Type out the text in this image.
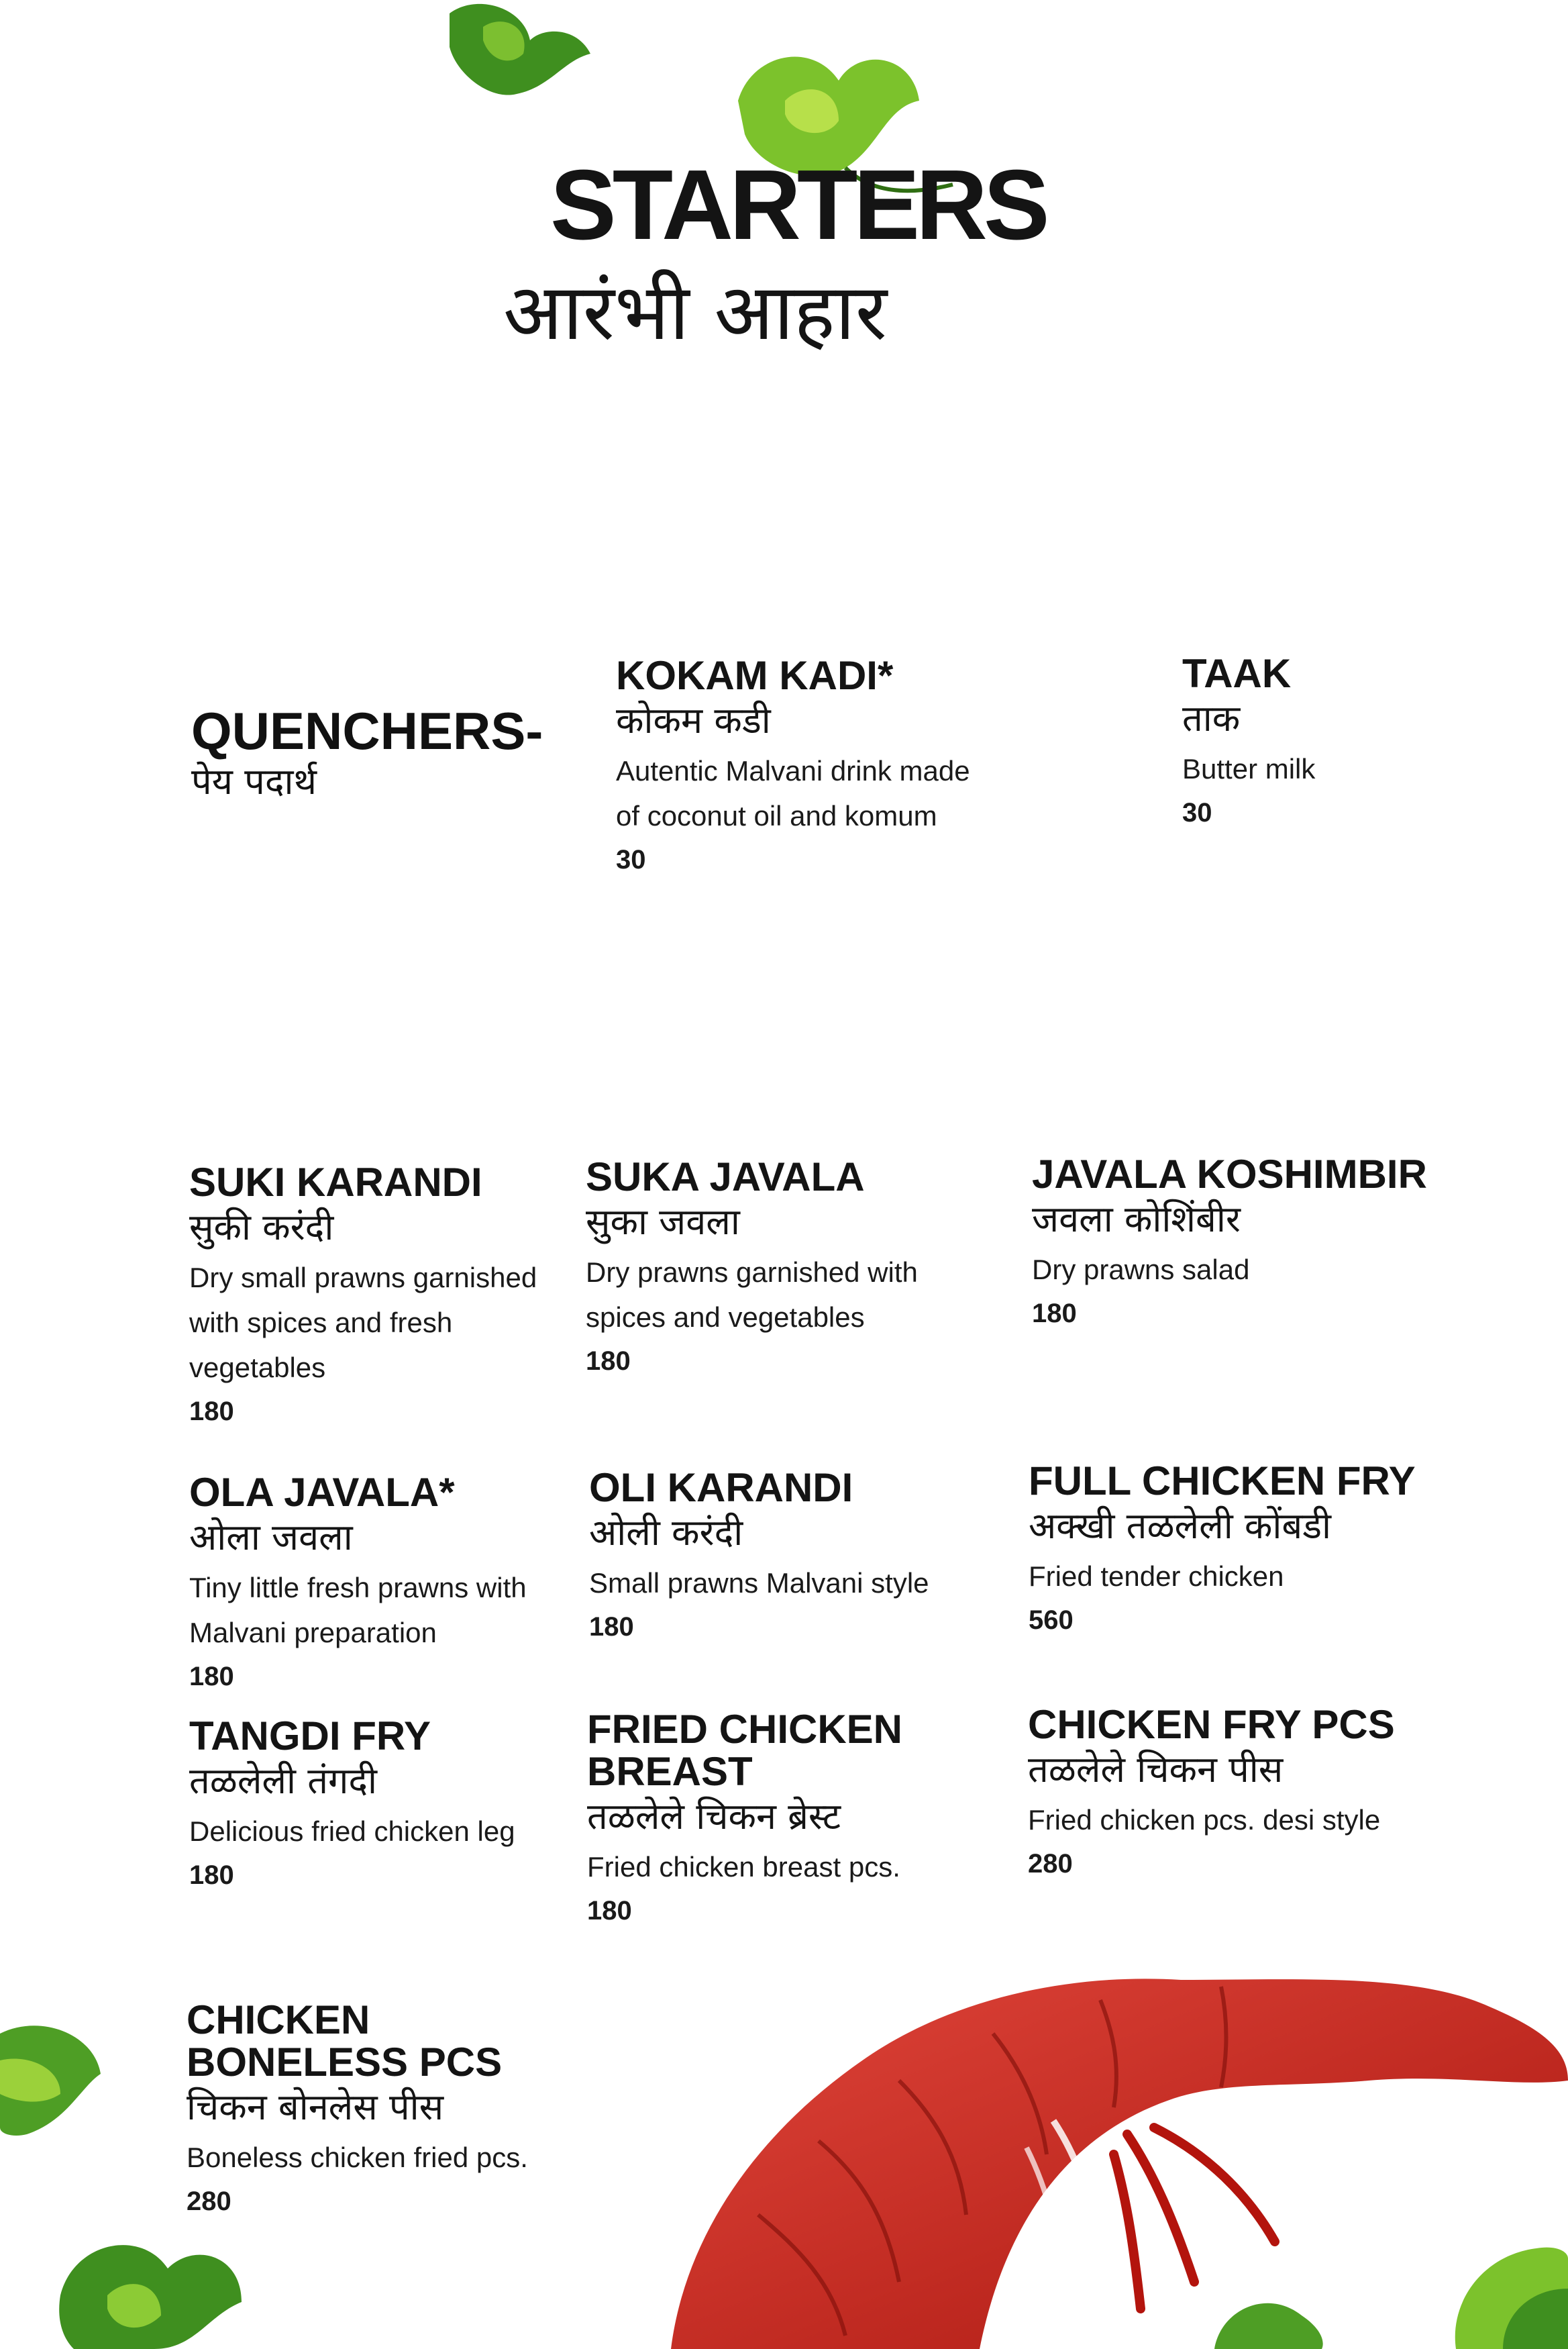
STARTERS
आरंभी आहार
QUENCHERS-
पेय पदार्थ
KOKAM KADI*
कोकम कडी
Autentic Malvani drink made of coconut oil and komum
30
TAAK
ताक
Butter milk
30
SUKI KARANDI
सुकी करंदी
Dry small prawns garnished with spices and fresh vegetables
180
SUKA JAVALA
सुका जवला
Dry prawns garnished with spices and vegetables
180
JAVALA KOSHIMBIR
जवला कोशिंबीर
Dry prawns salad
180
OLA JAVALA*
ओला जवला
Tiny little fresh prawns with Malvani preparation
180
OLI KARANDI
ओली करंदी
Small prawns Malvani style
180
FULL CHICKEN FRY
अक्खी तळलेली कोंबडी
Fried tender chicken
560
TANGDI FRY
तळलेली तंगदी
Delicious fried chicken leg
180
FRIED CHICKEN BREAST
तळलेले चिकन ब्रेस्ट
Fried chicken breast pcs.
180
CHICKEN FRY PCS
तळलेले चिकन पीस
Fried chicken pcs. desi style
280
CHICKEN BONELESS PCS
चिकन बोनलेस पीस
Boneless chicken fried pcs.
280
